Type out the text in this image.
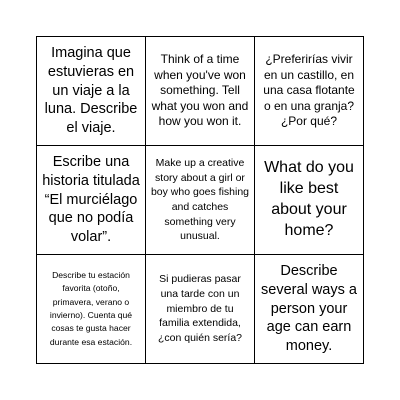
Imagina que estuvieras en un viaje a la luna. Describe el viaje.
Think of a time when you've won something. Tell what you won and how you won it.
¿Preferirías vivir en un castillo, en una casa flotante o en una granja? ¿Por qué?
Escribe una historia titulada “El murciélago que no podía volar”.
Make up a creative story about a girl or boy who goes fishing and catches something very unusual.
What do you like best about your home?
Describe tu estación favorita (otoño, primavera, verano o invierno). Cuenta qué cosas te gusta hacer durante esa estación.
Si pudieras pasar una tarde con un miembro de tu familia extendida, ¿con quién sería?
Describe several ways a person your age can earn money.
